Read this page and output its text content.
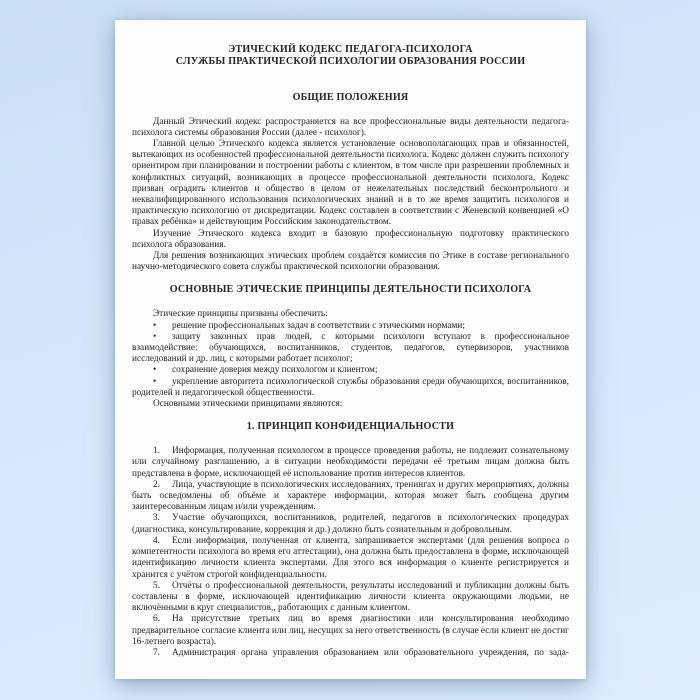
ЭТИЧЕСКИЙ КОДЕКС ПЕДАГОГА-ПСИХОЛОГА
СЛУЖБЫ ПРАКТИЧЕСКОЙ ПСИХОЛОГИИ ОБРАЗОВАНИЯ РОССИИ
ОБЩИЕ ПОЛОЖЕНИЯ

Данный Этический кодекс распространяется на все профессиональные виды деятельности педагога-психолога системы образования России (далее - психолог).

Главной целью Этического кодекса является установление основополагающих прав и обязанностей, вытекающих из особенностей профессиональной деятельности психолога. Кодекс должен служить психологу ориентиром при планировании и построении работы с клиентом, в том числе при разрешении проблемных и конфликтных ситуаций, возникающих в процессе профессиональной деятельности психолога. Кодекс призван оградить клиентов и общество в целом от нежелательных последствий бесконтрольного и неквалифицированного использования психологических знаний и в то же время защитить психологов и практическую психологию от дискредитации. Кодекс составлен в соответствии с Женевской конвенцией «О правах ребёнка» и действующим Российским законодательством.

Изучение Этического кодекса входит в базовую профессиональную подготовку практического психолога образования.

Для решения возникающих этических проблем создаётся комиссия по Этике в составе регионального научно-методического совета службы практической психологии образования.

ОСНОВНЫЕ ЭТИЧЕСКИЕ ПРИНЦИПЫ ДЕЯТЕЛЬНОСТИ ПСИХОЛОГА

Этические принципы призваны обеспечить:

• решение профессиональных задач в соответствии с этическими нормами;

• защиту законных прав людей, с которыми психологи вступают в профессиональное взаимодействие: обучающихся, воспитанников, студентов, педагогов, супервизоров, участников исследований и др. лиц, с которыми работает психолог;

• сохранение доверия между психологом и клиентом;

• укрепление авторитета психологической службы образования среди обучающихся, воспитанников, родителей и педагогической общественности.

Основными этическими принципами являются:

1. ПРИНЦИП КОНФИДЕНЦИАЛЬНОСТИ

1. Информация, полученная психологом в процессе проведения работы, не подлежит сознательному или случайному разглашению, а в ситуации необходимости передачи её третьим лицам должна быть представлена в форме, исключающей её использование против интересов клиентов.

2. Лица, участвующие в психологических исследованиях, тренингах и других мероприятиях, должны быть осведомлены об объёме и характере информации, которая может быть сообщена другим заинтересованным лицам и/или учреждениям.

3. Участие обучающихся, воспитанников, родителей, педагогов в психологических процедурах (диагностика, консультирование, коррекция и др.) должно быть сознательным и добровольным.

4. Если информация, полученная от клиента, запрашивается экспертами (для решения вопроса о компетентности психолога во время его аттестации), она должна быть предоставлена в форме, исключающей идентификацию личности клиента экспертами. Для этого вся информация о клиенте регистрируется и хранится с учётом строгой конфиденциальности.

5. Отчёты о профессиональной деятельности, результаты исследований и публикации должны быть составлены в форме, исключающей идентификацию личности клиента окружающими людьми, не включёнными в круг специалистов,, работающих с данным клиентом.

6. На присутствие третьих лиц во время диагностики или консультирования необходимо предварительное согласие клиента или лиц, несущих за него ответственность (в случае если клиент не достиг 16-летнего возраста).

7. Администрация органа управления образованием или образовательного учреждения, по зада-
